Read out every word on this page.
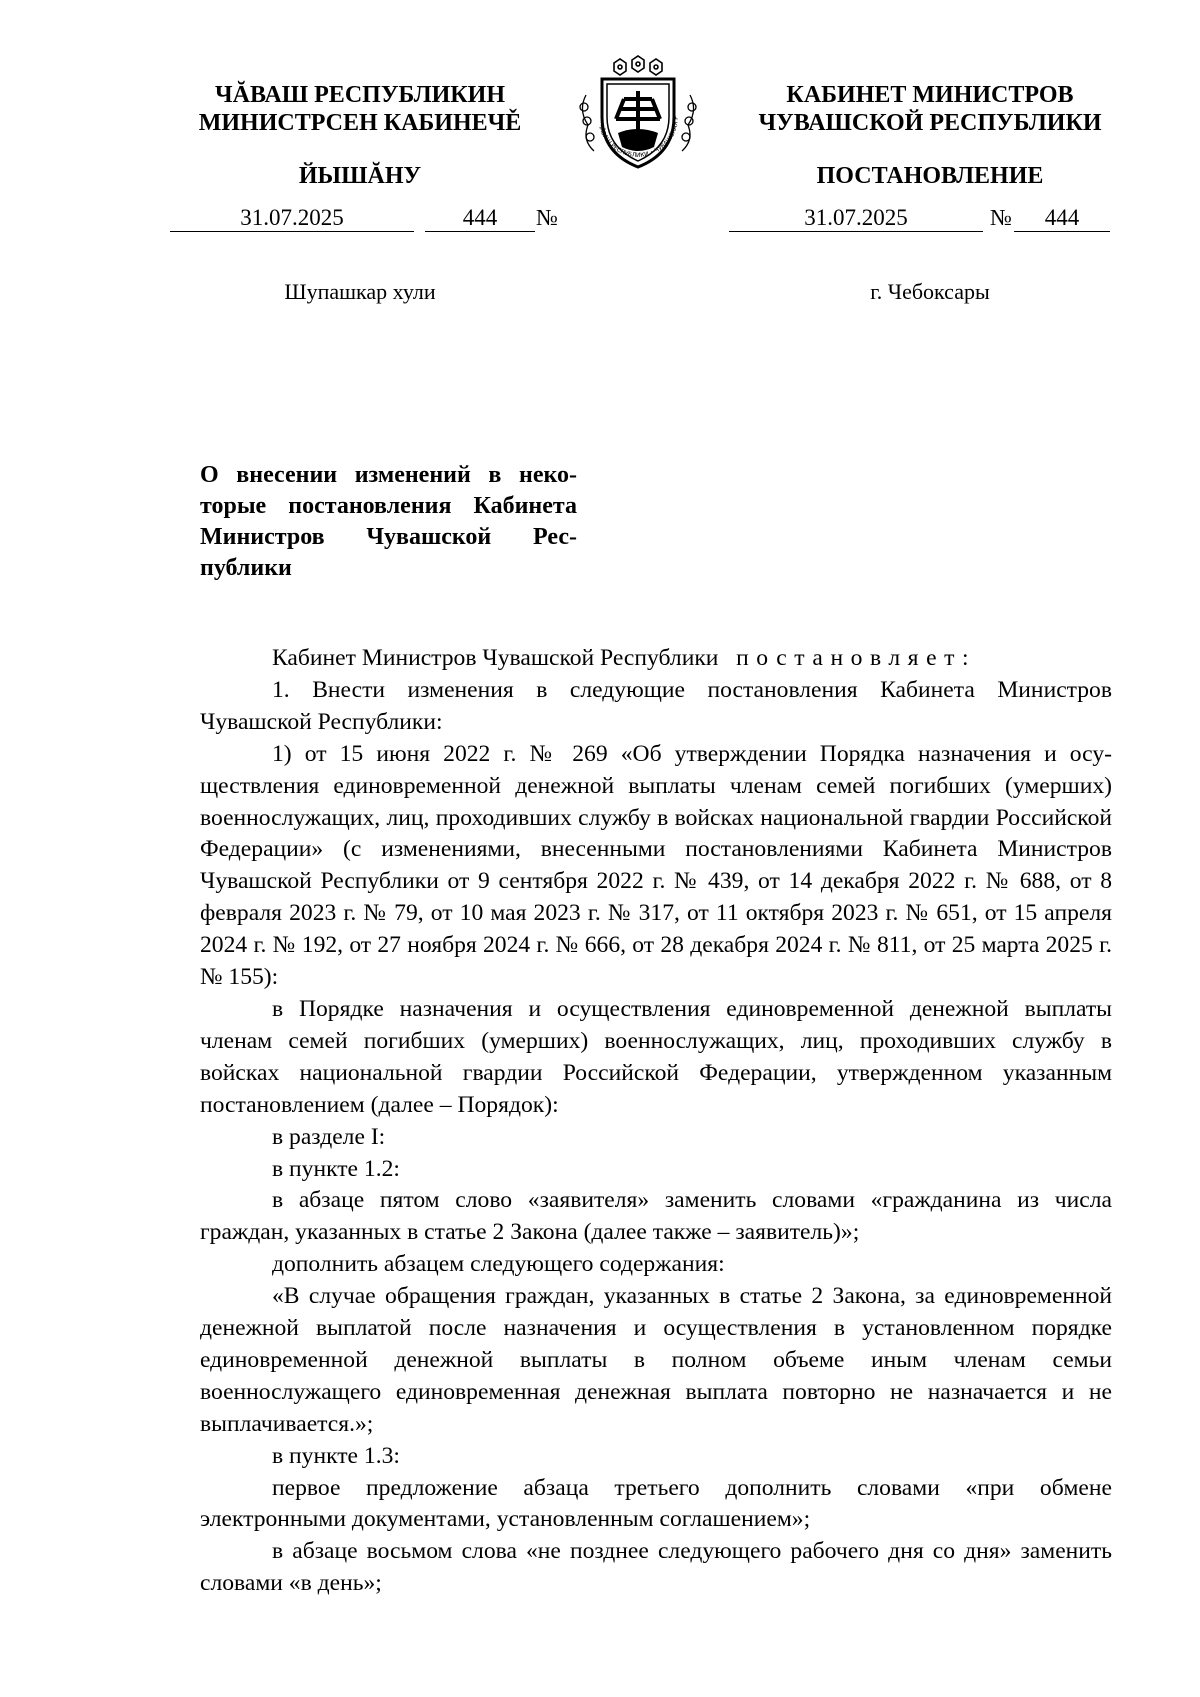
ЧĂВАШ РЕСПУБЛИКИН
МИНИСТРСЕН КАБИНЕЧĚ
ЙЫШĂНУ
КАБИНЕТ МИНИСТРОВ
ЧУВАШСКОЙ РЕСПУБЛИКИ
ПОСТАНОВЛЕНИЕ
ЧĂВАШ РЕСПУБЛИКИ • ЧУВАШСКАЯ Р
31.07.2025	444	№	31.07.2025	№	444
Шупашкар хули	г. Чебоксары
О внесении изменений в некоторые постановления Кабинета Министров Чувашской Республики

Кабинет Министров Чувашской Республики постановляет:

1. Внести изменения в следующие постановления Кабинета Министров Чувашской Республики:

1) от 15 июня 2022 г. № 269 «Об утверждении Порядка назначения и осуществления единовременной денежной выплаты членам семей погибших (умерших) военнослужащих, лиц, проходивших службу в войсках национальной гвардии Российской Федерации» (с изменениями, внесенными постановлениями Кабинета Министров Чувашской Республики от 9 сентября 2022 г. № 439, от 14 декабря 2022 г. № 688, от 8 февраля 2023 г. № 79, от 10 мая 2023 г. № 317, от 11 октября 2023 г. № 651, от 15 апреля 2024 г. № 192, от 27 ноября 2024 г. № 666, от 28 декабря 2024 г. № 811, от 25 марта 2025 г. № 155):

в Порядке назначения и осуществления единовременной денежной выплаты членам семей погибших (умерших) военнослужащих, лиц, проходивших службу в войсках национальной гвардии Российской Федерации, утвержденном указанным постановлением (далее – Порядок):

в разделе I:

в пункте 1.2:

в абзаце пятом слово «заявителя» заменить словами «гражданина из числа граждан, указанных в статье 2 Закона (далее также – заявитель)»;

дополнить абзацем следующего содержания:

«В случае обращения граждан, указанных в статье 2 Закона, за единовременной денежной выплатой после назначения и осуществления в установленном порядке единовременной денежной выплаты в полном объеме иным членам семьи военнослужащего единовременная денежная выплата повторно не назначается и не выплачивается.»;

в пункте 1.3:

первое предложение абзаца третьего дополнить словами «при обмене электронными документами, установленным соглашением»;

в абзаце восьмом слова «не позднее следующего рабочего дня со дня» заменить словами «в день»;
